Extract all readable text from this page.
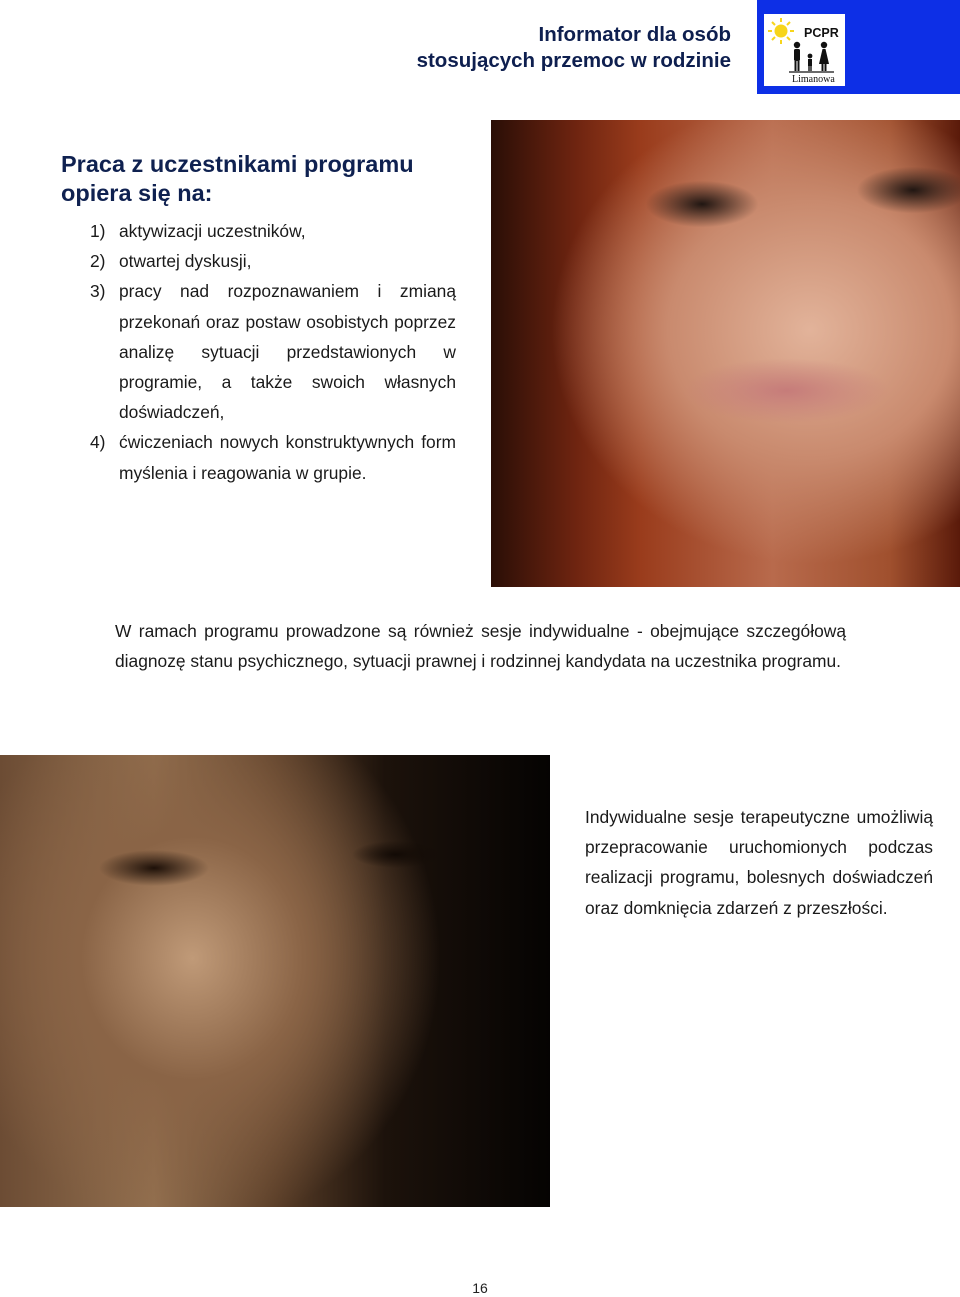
Informator dla osób
stosujących przemoc w rodzinie
PCPR
Limanowa
Praca z uczestnikami programu
opiera się na:
1) aktywizacji uczestników,
2) otwartej dyskusji,
3) pracy nad rozpoznawaniem i zmianą przekonań oraz postaw osobistych poprzez analizę sytuacji przedstawionych w programie, a także swoich własnych doświadczeń,
4) ćwiczeniach nowych konstruktywnych form myślenia i reagowania w grupie.

W ramach programu prowadzone są również sesje indywidualne - obejmujące szczegółową diagnozę stanu psychicznego, sytuacji prawnej i rodzinnej kandydata na uczestnika programu.

Indywidualne sesje terapeutyczne umożliwią przepracowanie uruchomionych podczas realizacji programu, bolesnych doświadczeń oraz domknięcia zdarzeń z przeszłości.

16
